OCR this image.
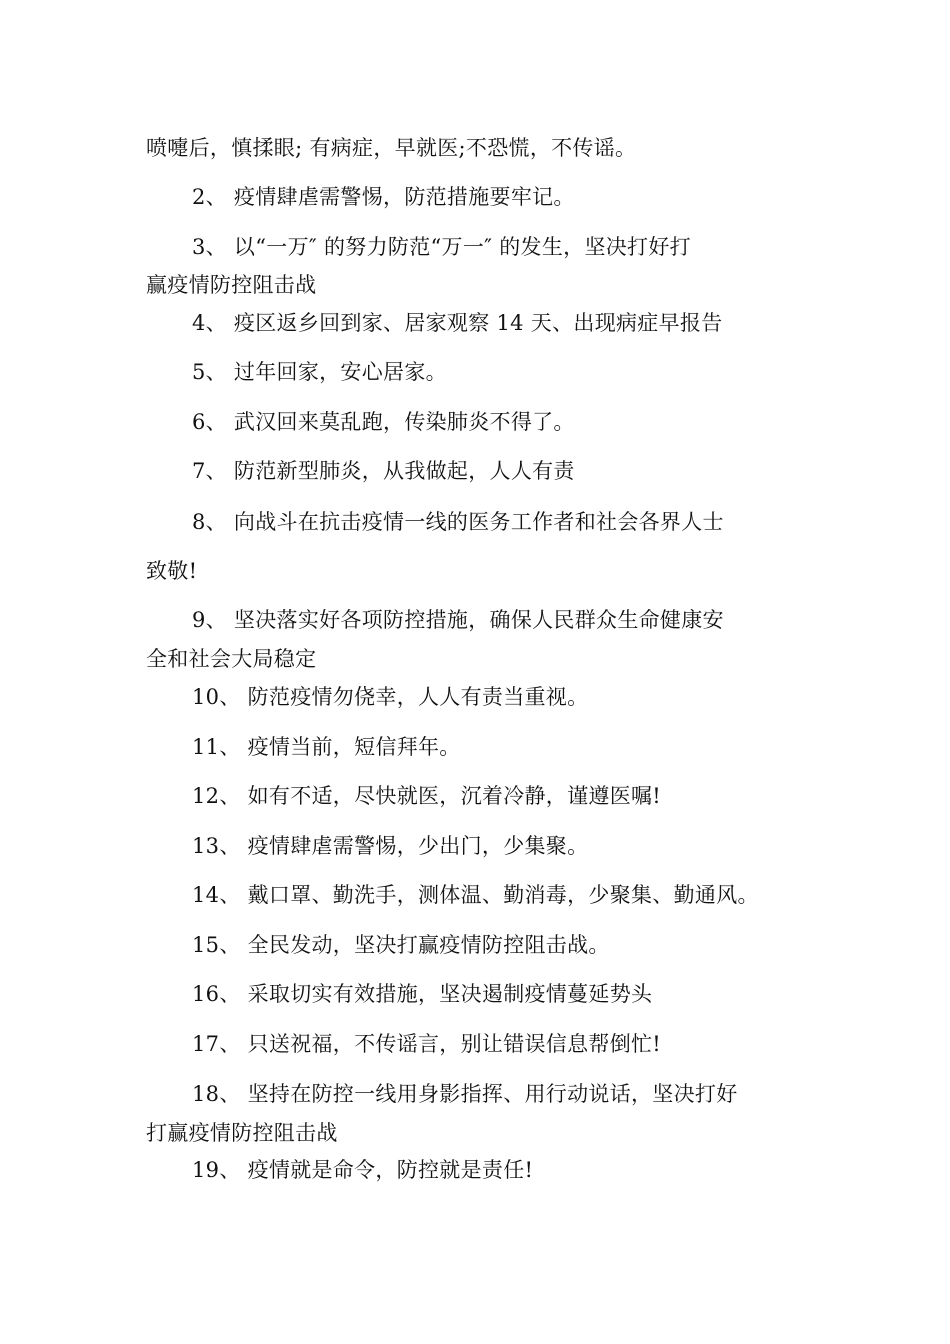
喷嚏后，慎揉眼; 有病症，早就医;不恐慌，不传谣。
2、 疫情肆虐需警惕，防范措施要牢记。
3、 以“一万″ 的努力防范“万一″ 的发生，坚决打好打
赢疫情防控阻击战
4、 疫区返乡回到家、居家观察 14 天、出现病症早报告
5、 过年回家，安心居家。
6、 武汉回来莫乱跑，传染肺炎不得了。
7、 防范新型肺炎，从我做起，人人有责
8、 向战斗在抗击疫情一线的医务工作者和社会各界人士
致敬!
9、 坚决落实好各项防控措施，确保人民群众生命健康安
全和社会大局稳定
10、 防范疫情勿侥幸，人人有责当重视。
11、 疫情当前，短信拜年。
12、 如有不适，尽快就医，沉着冷静，谨遵医嘱!
13、 疫情肆虐需警惕，少出门，少集聚。
14、 戴口罩、勤洗手，测体温、勤消毒，少聚集、勤通风。
15、 全民发动，坚决打赢疫情防控阻击战。
16、 采取切实有效措施，坚决遏制疫情蔓延势头
17、 只送祝福，不传谣言，别让错误信息帮倒忙!
18、 坚持在防控一线用身影指挥、用行动说话，坚决打好
打赢疫情防控阻击战
19、 疫情就是命令，防控就是责任!
